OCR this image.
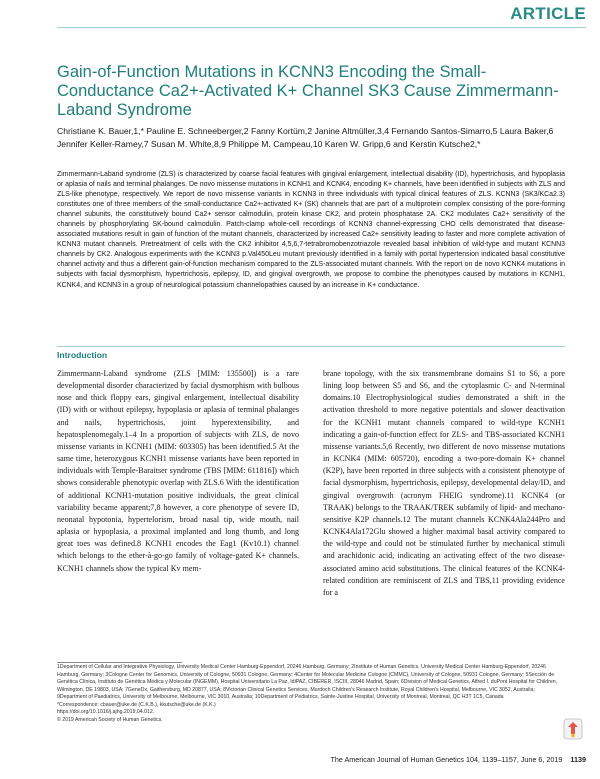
ARTICLE
Gain-of-Function Mutations in KCNN3 Encoding the Small-Conductance Ca2+-Activated K+ Channel SK3 Cause Zimmermann-Laband Syndrome
Christiane K. Bauer,1,* Pauline E. Schneeberger,2 Fanny Kortüm,2 Janine Altmüller,3,4 Fernando Santos-Simarro,5 Laura Baker,6 Jennifer Keller-Ramey,7 Susan M. White,8,9 Philippe M. Campeau,10 Karen W. Gripp,6 and Kerstin Kutsche2,*
Zimmermann-Laband syndrome (ZLS) is characterized by coarse facial features with gingival enlargement, intellectual disability (ID), hypertrichosis, and hypoplasia or aplasia of nails and terminal phalanges. De novo missense mutations in KCNH1 and KCNK4, encoding K+ channels, have been identified in subjects with ZLS and ZLS-like phenotype, respectively. We report de novo missense variants in KCNN3 in three individuals with typical clinical features of ZLS. KCNN3 (SK3/KCa2.3) constitutes one of three members of the small-conductance Ca2+-activated K+ (SK) channels that are part of a multiprotein complex consisting of the pore-forming channel subunits, the constitutively bound Ca2+ sensor calmodulin, protein kinase CK2, and protein phosphatase 2A. CK2 modulates Ca2+ sensitivity of the channels by phosphorylating SK-bound calmodulin. Patch-clamp whole-cell recordings of KCNN3 channel-expressing CHO cells demonstrated that disease-associated mutations result in gain of function of the mutant channels, characterized by increased Ca2+ sensitivity leading to faster and more complete activation of KCNN3 mutant channels. Pretreatment of cells with the CK2 inhibitor 4,5,6,7-tetrabromobenzotriazole revealed basal inhibition of wild-type and mutant KCNN3 channels by CK2. Analogous experiments with the KCNN3 p.Val450Leu mutant previously identified in a family with portal hypertension indicated basal constitutive channel activity and thus a different gain-of-function mechanism compared to the ZLS-associated mutant channels. With the report on de novo KCNK4 mutations in subjects with facial dysmorphism, hypertrichosis, epilepsy, ID, and gingival overgrowth, we propose to combine the phenotypes caused by mutations in KCNH1, KCNK4, and KCNN3 in a group of neurological potassium channelopathies caused by an increase in K+ conductance.
Introduction
Zimmermann-Laband syndrome (ZLS [MIM: 135500]) is a rare developmental disorder characterized by facial dysmorphism with bulbous nose and thick floppy ears, gingival enlargement, intellectual disability (ID) with or without epilepsy, hypoplasia or aplasia of terminal phalanges and nails, hypertrichosis, joint hyperextensibility, and hepatosplenomegaly.1–4 In a proportion of subjects with ZLS, de novo missense variants in KCNH1 (MIM: 603305) has been identified.5 At the same time, heterozygous KCNH1 missense variants have been reported in individuals with Temple-Baraitser syndrome (TBS [MIM: 611816]) which shows considerable phenotypic overlap with ZLS.6 With the identification of additional KCNH1-mutation positive individuals, the great clinical variability became apparent;7,8 however, a core phenotype of severe ID, neonatal hypotonia, hypertelorism, broad nasal tip, wide mouth, nail aplasia or hypoplasia, a proximal implanted and long thumb, and long great toes was defined.8 KCNH1 encodes the Eag1 (Kv10.1) channel which belongs to the ether-à-go-go family of voltage-gated K+ channels. KCNH1 channels show the typical Kv mem-
brane topology, with the six transmembrane domains S1 to S6, a pore lining loop between S5 and S6, and the cytoplasmic C- and N-terminal domains.10 Electrophysiological studies demonstrated a shift in the activation threshold to more negative potentials and slower deactivation for the KCNH1 mutant channels compared to wild-type KCNH1 indicating a gain-of-function effect for ZLS- and TBS-associated KCNH1 missense variants.5,6 Recently, two different de novo missense mutations in KCNK4 (MIM: 605720), encoding a two-pore-domain K+ channel (K2P), have been reported in three subjects with a consistent phenotype of facial dysmorphism, hypertrichosis, epilepsy, developmental delay/ID, and gingival overgrowth (acronym FHEIG syndrome).11 KCNK4 (or TRAAK) belongs to the TRAAK/TREK subfamily of lipid- and mechano-sensitive K2P channels.12 The mutant channels KCNK4Ala244Pro and KCNK4Ala172Glu showed a higher maximal basal activity compared to the wild-type and could not be stimulated further by mechanical stimuli and arachidonic acid, indicating an activating effect of the two disease-associated amino acid substitutions. The clinical features of the KCNK4-related condition are reminiscent of ZLS and TBS,11 providing evidence for a

1Department of Cellular and Integrative Physiology, University Medical Center Hamburg-Eppendorf, 20246 Hamburg, Germany; 2Institute of Human Genetics, University Medical Center Hamburg-Eppendorf, 20246 Hamburg, Germany; 3Cologne Center for Genomics, University of Cologne, 50931 Cologne, Germany; 4Center for Molecular Medicine Cologne (CMMC), University of Cologne, 50931 Cologne, Germany; 5Sección de Genética Clínica, Instituto de Genética Médica y Molecular (INGEMM), Hospital Universitario La Paz, IdiPAZ, CIBERER, ISCIII, 28046 Madrid, Spain; 6Division of Medical Genetics, Alfred I. duPont Hospital for Children, Wilmington, DE 19803, USA; 7GeneDx, Gaithersburg, MD 20877, USA; 8Victorian Clinical Genetics Services, Murdoch Children's Research Institute, Royal Children's Hospital, Melbourne, VIC 3052, Australia; 9Department of Paediatrics, University of Melbourne, Melbourne, VIC 3010, Australia; 10Department of Pediatrics, Sainte-Justine Hospital, University of Montreal, Montreal, QC H3T 1C5, Canada

*Correspondence: cbauer@uke.de (C.K.B.), kkutsche@uke.de (K.K.)

https://doi.org/10.1016/j.ajhg.2019.04.012.

© 2019 American Society of Human Genetics.

The American Journal of Human Genetics 104, 1139–1157, June 6, 2019 1139
